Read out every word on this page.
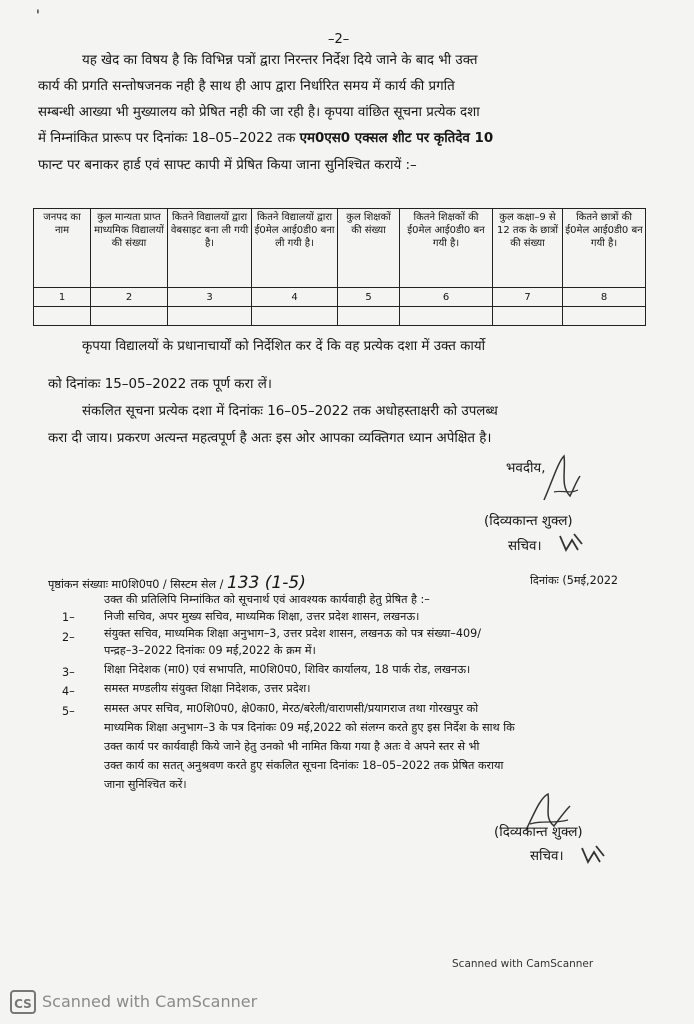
'
–2–
यह खेद का विषय है कि विभिन्न पत्रों द्वारा निरन्तर निर्देश दिये जाने के बाद भी उक्त
कार्य की प्रगति सन्तोषजनक नही है साथ ही आप द्वारा निर्धारित समय में कार्य की प्रगति
सम्बन्धी आख्या भी मुख्यालय को प्रेषित नही की जा रही है। कृपया वांछित सूचना प्रत्येक दशा
में निम्नांकित प्रारूप पर दिनांकः 18–05–2022 तक एम0एस0 एक्सल शीट पर कृतिदेव 10
फान्ट पर बनाकर हार्ड एवं साफ्ट कापी में प्रेषित किया जाना सुनिश्चित करायें :–
जनपद का नाम	कुल मान्यता प्राप्त माध्यमिक विद्यालयों की संख्या	कितने विद्यालयों द्वारा वेबसाइट बना ली गयी है।	कितने विद्यालयों द्वारा ई0मेल आई0डी0 बना ली गयी है।	कुल शिक्षकों की संख्या	कितने शिक्षकों की ई0मेल आई0डी0 बन गयी है।	कुल कक्षा–9 से 12 तक के छात्रों की संख्या	कितने छात्रों की ई0मेल आई0डी0 बन गयी है।
1	2	3	4	5	6	7	8

कृपया विद्यालयों के प्रधानाचार्यों को निर्देशित कर दें कि वह प्रत्येक दशा में उक्त कार्यो
को दिनांकः 15–05–2022 तक पूर्ण करा लें।
संकलित सूचना प्रत्येक दशा में दिनांकः 16–05–2022 तक अधोहस्ताक्षरी को उपलब्ध
करा दी जाय। प्रकरण अत्यन्त महत्वपूर्ण है अतः इस ओर आपका व्यक्तिगत ध्यान अपेक्षित है।
भवदीय,
(दिव्यकान्त शुक्ल)
सचिव।
पृष्ठांकन संख्याः मा0शि0प0 / सिस्टम सेल / 133 (1-5)	दिनांकः (5मई,2022
उक्त की प्रतिलिपि निम्नांकित को सूचनार्थ एवं आवश्यक कार्यवाही हेतु प्रेषित है :–
1–	निजी सचिव, अपर मुख्य सचिव, माध्यमिक शिक्षा, उत्तर प्रदेश शासन, लखनऊ।
2–	संयुक्त सचिव, माध्यमिक शिक्षा अनुभाग–3, उत्तर प्रदेश शासन, लखनऊ को पत्र संख्या–409/
पन्द्रह–3–2022 दिनांकः 09 मई,2022 के क्रम में।
3–	शिक्षा निदेशक (मा0) एवं सभापति, मा0शि0प0, शिविर कार्यालय, 18 पार्क रोड, लखनऊ।
4–	समस्त मण्डलीय संयुक्त शिक्षा निदेशक, उत्तर प्रदेश।
5–	समस्त अपर सचिव, मा0शि0प0, क्षे0का0, मेरठ/बरेली/वाराणसी/प्रयागराज तथा गोरखपुर को
माध्यमिक शिक्षा अनुभाग–3 के पत्र दिनांकः 09 मई,2022 को संलग्न करते हुए इस निर्देश के साथ कि
उक्त कार्य पर कार्यवाही किये जाने हेतु उनको भी नामित किया गया है अतः वे अपने स्तर से भी
उक्त कार्य का सतत् अनुश्रवण करते हुए संकलित सूचना दिनांकः 18–05–2022 तक प्रेषित कराया
जाना सुनिश्चित करें।
(दिव्यकान्त शुक्ल)
सचिव।
Scanned with CamScanner
CS Scanned with CamScanner
